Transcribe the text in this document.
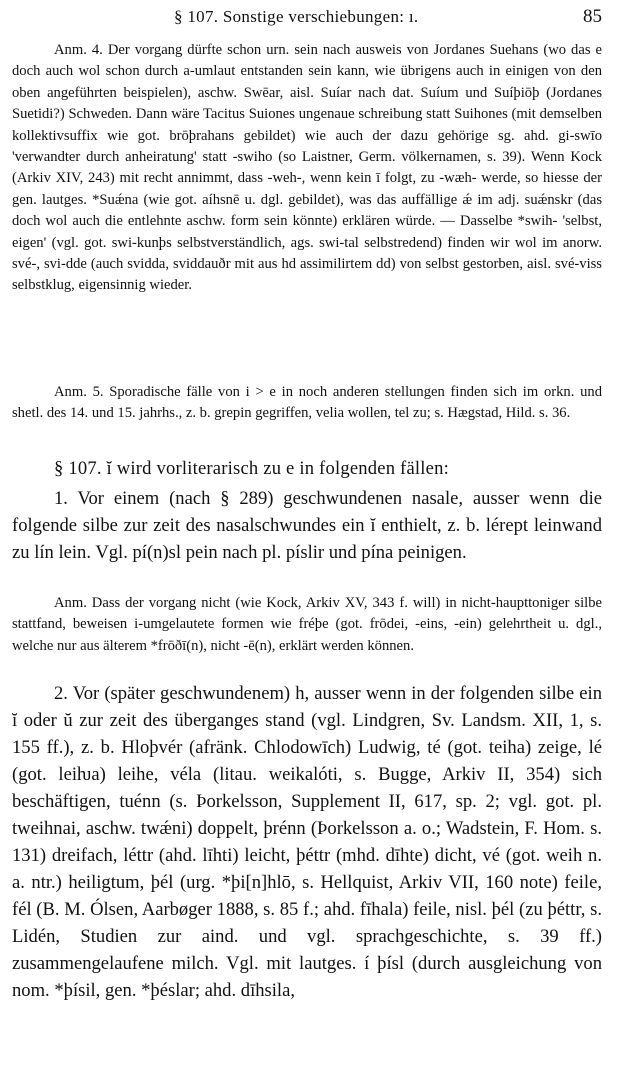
§ 107. Sonstige verschiebungen: ı.	85
Anm. 4. Der vorgang dürfte schon urn. sein nach ausweis von Jordanes Suehans (wo das e doch auch wol schon durch a-umlaut entstanden sein kann, wie übrigens auch in einigen von den oben angeführten beispielen), aschw. Swēar, aisl. Suíar nach dat. Suíum und Suíþiōþ (Jordanes Suetidi?) Schweden. Dann wäre Tacitus Suiones ungenaue schreibung statt Suihones (mit demselben kollektivsuffix wie got. brōþrahans gebildet) wie auch der dazu gehörige sg. ahd. gi-swīo 'verwandter durch anheiratung' statt -swiho (so Laistner, Germ. völkernamen, s. 39). Wenn Kock (Arkiv XIV, 243) mit recht annimmt, dass -weh-, wenn kein ī folgt, zu -wæh- werde, so hiesse der gen. lautges. *Suǽna (wie got. aíhsnē u. dgl. gebildet), was das auffällige ǽ im adj. suǽnskr (das doch wol auch die entlehnte aschw. form sein könnte) erklären würde. — Dasselbe *swih- 'selbst, eigen' (vgl. got. swi-kunþs selbstverständlich, ags. swi-tal selbstredend) finden wir wol im anorw. své-, svi-dde (auch svidda, sviddauðr mit aus hd assimilirtem dd) von selbst gestorben, aisl. své-viss selbstklug, eigensinnig wieder.
Anm. 5. Sporadische fälle von i > e in noch anderen stellungen finden sich im orkn. und shetl. des 14. und 15. jahrhs., z. b. grepin gegriffen, velia wollen, tel zu; s. Hægstad, Hild. s. 36.
§ 107. ĭ wird vorliterarisch zu e in folgenden fällen:
1. Vor einem (nach § 289) geschwundenen nasale, ausser wenn die folgende silbe zur zeit des nasalschwundes ein ĭ enthielt, z. b. lérept leinwand zu lín lein. Vgl. pí(n)sl pein nach pl. píslir und pína peinigen.
Anm. Dass der vorgang nicht (wie Kock, Arkiv XV, 343 f. will) in nicht-haupttoniger silbe stattfand, beweisen i-umgelautete formen wie fréþe (got. frōdei, -eins, -ein) gelehrtheit u. dgl., welche nur aus älterem *frōðī(n), nicht -ē(n), erklärt werden können.
2. Vor (später geschwundenem) h, ausser wenn in der folgenden silbe ein ĭ oder ŭ zur zeit des überganges stand (vgl. Lindgren, Sv. Landsm. XII, 1, s. 155 ff.), z. b. Hloþvér (afränk. Chlodowīch) Ludwig, té (got. teiha) zeige, lé (got. leiƕa) leihe, véla (litau. weikalóti, s. Bugge, Arkiv II, 354) sich beschäftigen, tuénn (s. Þorkelsson, Supplement II, 617, sp. 2; vgl. got. pl. tweihnai, aschw. twǽni) doppelt, þrénn (Þorkelsson a. o.; Wadstein, F. Hom. s. 131) dreifach, léttr (ahd. līhti) leicht, þéttr (mhd. dīhte) dicht, vé (got. weih n. a. ntr.) heiligtum, þél (urg. *þi[n]hlō, s. Hellquist, Arkiv VII, 160 note) feile, fél (B. M. Ólsen, Aarbøger 1888, s. 85 f.; ahd. fīhala) feile, nisl. þél (zu þéttr, s. Lidén, Studien zur aind. und vgl. sprachgeschichte, s. 39 ff.) zusammengelaufene milch. Vgl. mit lautges. í þísl (durch ausgleichung von nom. *þísil, gen. *þéslar; ahd. dīhsila,
